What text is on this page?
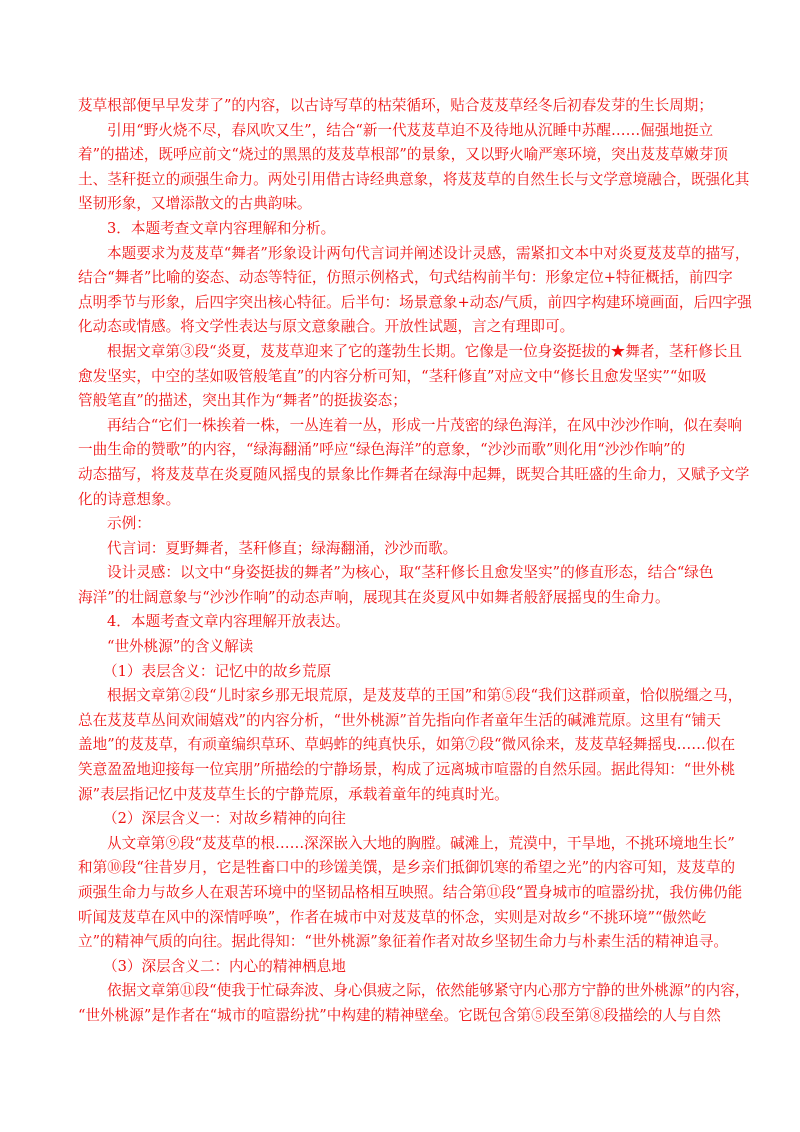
芨草根部便早早发芽了”的内容，以古诗写草的枯荣循环，贴合芨芨草经冬后初春发芽的生长周期；

引用“野火烧不尽，春风吹又生”，结合“新一代芨芨草迫不及待地从沉睡中苏醒……倔强地挺立

着”的描述，既呼应前文“烧过的黑黑的芨芨草根部”的景象，又以野火喻严寒环境，突出芨芨草嫩芽顶

土、茎秆挺立的顽强生命力。两处引用借古诗经典意象，将芨芨草的自然生长与文学意境融合，既强化其

坚韧形象，又增添散文的古典韵味。

3．本题考查文章内容理解和分析。

本题要求为芨芨草“舞者”形象设计两句代言词并阐述设计灵感，需紧扣文本中对炎夏芨芨草的描写，

结合“舞者”比喻的姿态、动态等特征，仿照示例格式，句式结构前半句：形象定位+特征概括，前四字

点明季节与形象，后四字突出核心特征。后半句：场景意象+动态/气质，前四字构建环境画面，后四字强

化动态或情感。将文学性表达与原文意象融合。开放性试题，言之有理即可。

根据文章第③段“炎夏，芨芨草迎来了它的蓬勃生长期。它像是一位身姿挺拔的★舞者，茎秆修长且

愈发坚实，中空的茎如吸管般笔直”的内容分析可知，“茎秆修直”对应文中“修长且愈发坚实”“如吸

管般笔直”的描述，突出其作为“舞者”的挺拔姿态；

再结合“它们一株挨着一株，一丛连着一丛，形成一片茂密的绿色海洋，在风中沙沙作响，似在奏响

一曲生命的赞歌”的内容，“绿海翻涌”呼应“绿色海洋”的意象，“沙沙而歌”则化用“沙沙作响”的

动态描写，将芨芨草在炎夏随风摇曳的景象比作舞者在绿海中起舞，既契合其旺盛的生命力，又赋予文学

化的诗意想象。

示例：

代言词：夏野舞者，茎秆修直；绿海翻涌，沙沙而歌。

设计灵感：以文中“身姿挺拔的舞者”为核心，取“茎秆修长且愈发坚实”的修直形态，结合“绿色

海洋”的壮阔意象与“沙沙作响”的动态声响，展现其在炎夏风中如舞者般舒展摇曳的生命力。

4．本题考查文章内容理解开放表达。

“世外桃源”的含义解读

（1）表层含义：记忆中的故乡荒原

根据文章第②段“儿时家乡那无垠荒原，是芨芨草的王国”和第⑤段“我们这群顽童，恰似脱缰之马，

总在芨芨草丛间欢闹嬉戏”的内容分析，“世外桃源”首先指向作者童年生活的碱滩荒原。这里有“铺天

盖地”的芨芨草，有顽童编织草环、草蚂蚱的纯真快乐，如第⑦段“微风徐来，芨芨草轻舞摇曳……似在

笑意盈盈地迎接每一位宾朋”所描绘的宁静场景，构成了远离城市喧嚣的自然乐园。据此得知：“世外桃

源”表层指记忆中芨芨草生长的宁静荒原，承载着童年的纯真时光。

（2）深层含义一：对故乡精神的向往

从文章第⑨段“芨芨草的根……深深嵌入大地的胸膛。碱滩上，荒漠中，干旱地，不挑环境地生长”

和第⑩段“往昔岁月，它是牲畜口中的珍馐美馔，是乡亲们抵御饥寒的希望之光”的内容可知，芨芨草的

顽强生命力与故乡人在艰苦环境中的坚韧品格相互映照。结合第⑪段“置身城市的喧嚣纷扰，我仿佛仍能

听闻芨芨草在风中的深情呼唤”，作者在城市中对芨芨草的怀念，实则是对故乡“不挑环境”“傲然屹

立”的精神气质的向往。据此得知：“世外桃源”象征着作者对故乡坚韧生命力与朴素生活的精神追寻。

（3）深层含义二：内心的精神栖息地

依据文章第⑪段“使我于忙碌奔波、身心俱疲之际，依然能够紧守内心那方宁静的世外桃源”的内容，

“世外桃源”是作者在“城市的喧嚣纷扰”中构建的精神壁垒。它既包含第⑤段至第⑧段描绘的人与自然
